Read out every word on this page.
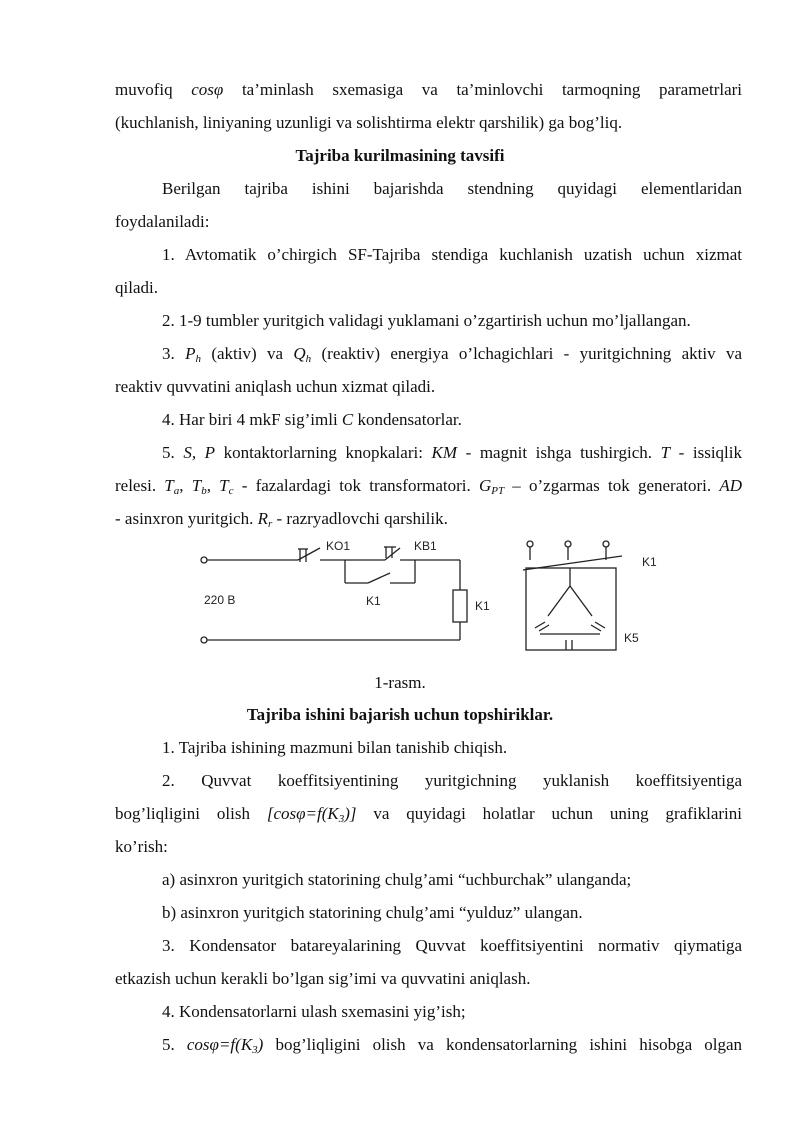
muvofiq cosφ ta’minlash sxemasiga va ta’minlovchi tarmoqning parametrlari
(kuchlanish, liniyaning uzunligi va solishtirma elektr qarshilik) ga bog’liq.
Tajriba kurilmasining tavsifi
Berilgan tajriba ishini bajarishda stendning quyidagi elementlaridan
foydalaniladi:
1. Avtomatik o’chirgich SF-Tajriba stendiga kuchlanish uzatish uchun xizmat
qiladi.
2. 1-9 tumbler yuritgich validagi yuklamani o’zgartirish uchun mo’ljallangan.
3. $P_h$ (aktiv) va $Q_h$ (reaktiv) energiya o’lchagichlari - yuritgichning aktiv va
reaktiv quvvatini aniqlash uchun xizmat qiladi.
4. Har biri 4 mkF sig’imli C kondensatorlar.
5. S, P kontaktorlarning knopkalari: KM - magnit ishga tushirgich. T - issiqlik
relesi. $T_a$, $T_b$, $T_c$ - fazalardagi tok transformatori. $G_{PT}$ – o’zgarmas tok generatori. AD
- asinxron yuritgich. $R_r$ - razryadlovchi qarshilik.
220 B
KO1	KB1
K1	K1
K1
K5
1-rasm.
Tajriba ishini bajarish uchun topshiriklar.
1. Tajriba ishining mazmuni bilan tanishib chiqish.
2. Quvvat koeffitsiyentining yuritgichning yuklanish koeffitsiyentiga
bog’liqligini olish $[\cos\varphi=f(K_3)]$ va quyidagi holatlar uchun uning grafiklarini
ko’rish:
a) asinxron yuritgich statorining chulg’ami “uchburchak” ulanganda;
b) asinxron yuritgich statorining chulg’ami “yulduz” ulangan.
3. Kondensator batareyalarining Quvvat koeffitsiyentini normativ qiymatiga
etkazish uchun kerakli bo’lgan sig’imi va quvvatini aniqlash.
4. Kondensatorlarni ulash sxemasini yig’ish;
5. $\cos\varphi=f(K_3)$ bog’liqligini olish va kondensatorlarning ishini hisobga olgan
